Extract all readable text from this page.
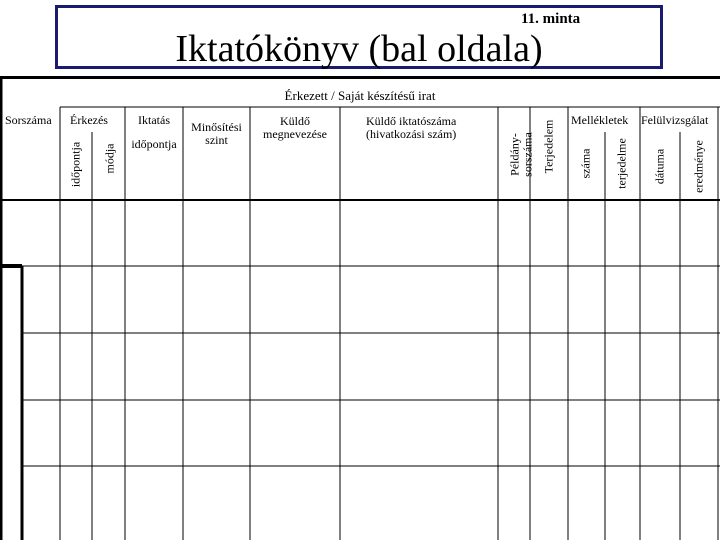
11. minta
Iktatókönyv (bal oldala)
Érkezett / Saját készítésű irat
Sorszáma Érkezés
időpontja módja
Iktatás
időpontja
Minősítési
szint
Küldő
megnevezése
Küldő iktatószáma
(hivatkozási szám)	Példány- sorszáma Terjedelem Mellékletek
száma terjedelme
Felülvizsgálat
dátuma eredménye
